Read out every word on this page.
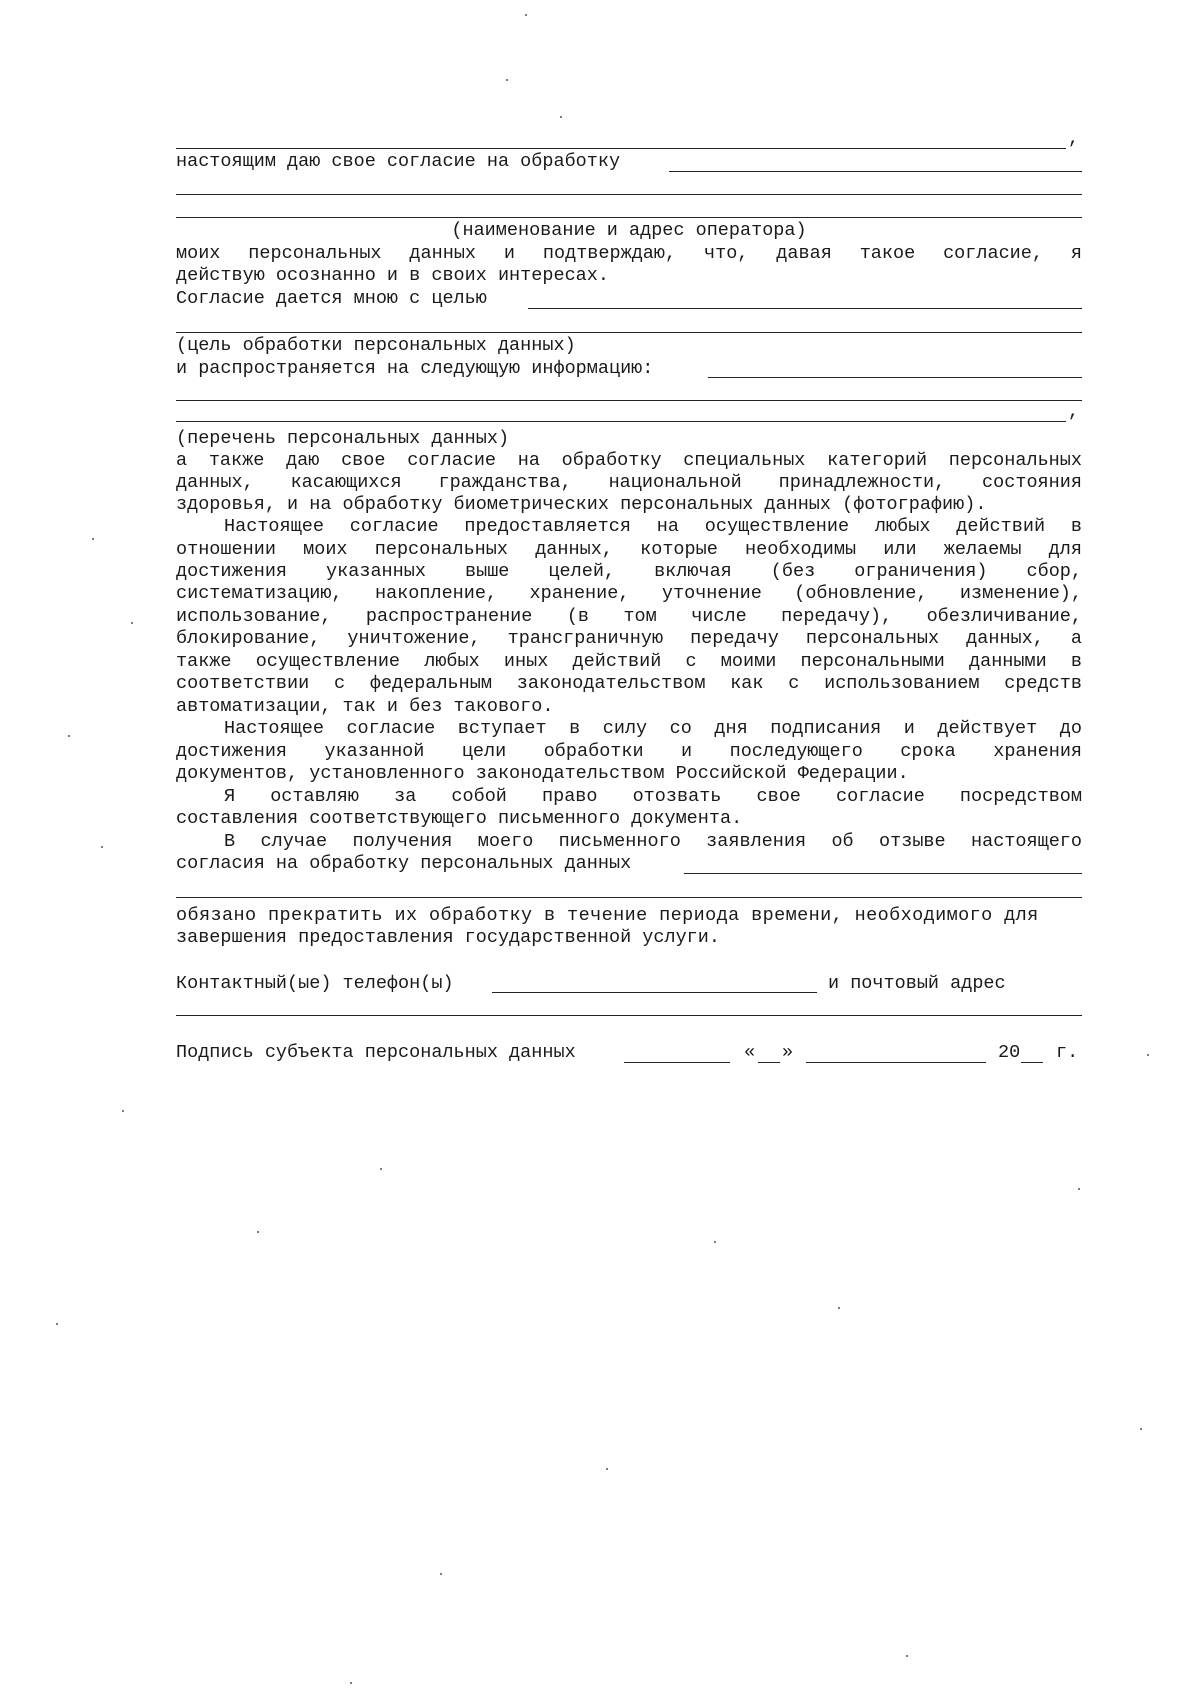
,
настоящим даю свое согласие на обработку
(наименование и адрес оператора)
моих персональных данных и подтверждаю, что, давая такое согласие, я
действую осознанно и в своих интересах.
Согласие дается мною с целью
(цель обработки персональных данных)
и распространяется на следующую информацию:
,
(перечень персональных данных)
а также даю свое согласие на обработку специальных категорий персональных
данных, касающихся гражданства, национальной принадлежности, состояния
здоровья, и на обработку биометрических персональных данных (фотографию).
Настоящее согласие предоставляется на осуществление любых действий в
отношении моих персональных данных, которые необходимы или желаемы для
достижения указанных выше целей, включая (без ограничения) сбор,
систематизацию, накопление, хранение, уточнение (обновление, изменение),
использование, распространение (в том числе передачу), обезличивание,
блокирование, уничтожение, трансграничную передачу персональных данных, а
также осуществление любых иных действий с моими персональными данными в
соответствии с федеральным законодательством как с использованием средств
автоматизации, так и без такового.
Настоящее согласие вступает в силу со дня подписания и действует до
достижения указанной цели обработки и последующего срока хранения
документов, установленного законодательством Российской Федерации.
Я оставляю за собой право отозвать свое согласие посредством
составления соответствующего письменного документа.
В случае получения моего письменного заявления об отзыве настоящего
согласия на обработку персональных данных
обязано прекратить их обработку в течение периода времени, необходимого для
завершения предоставления государственной услуги.
Контактный(ые) телефон(ы)	и почтовый адрес
Подпись субъекта персональных данных	« »	20 г.
